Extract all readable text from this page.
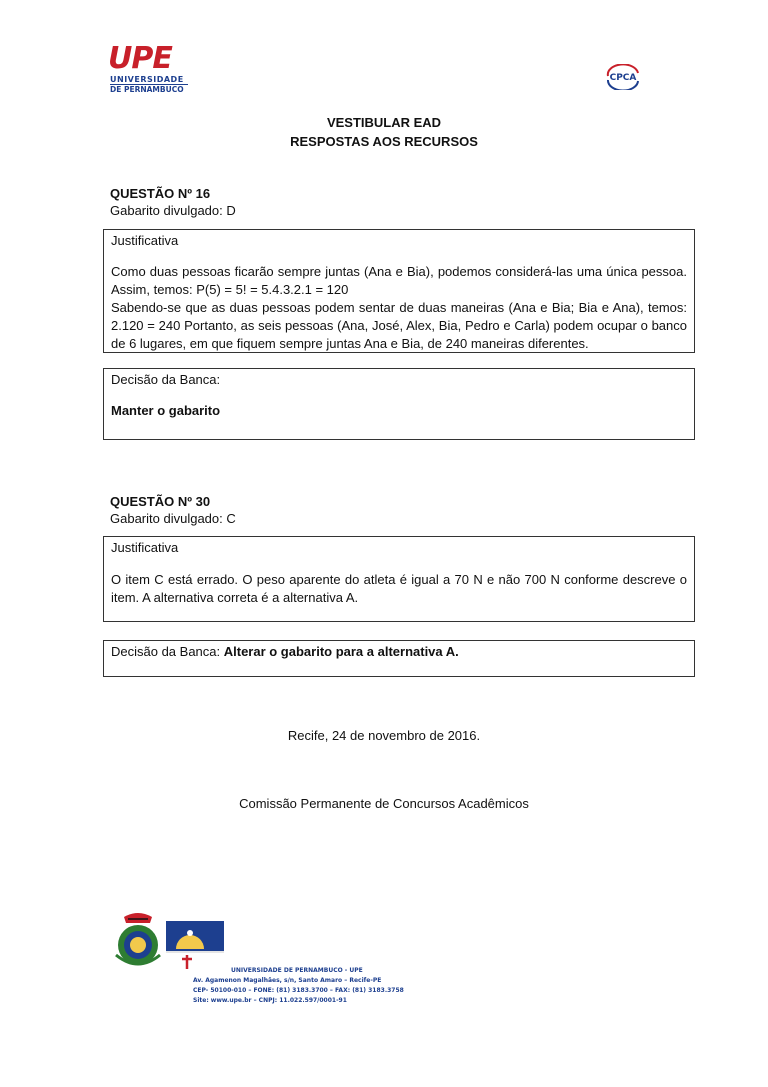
UPE
UNIVERSIDADE
DE PERNAMBUCO
CPCA
VESTIBULAR EAD
RESPOSTAS AOS RECURSOS
QUESTÃO Nº 16
Gabarito divulgado: D
Justificativa

Como duas pessoas ficarão sempre juntas (Ana e Bia), podemos considerá-las uma única pessoa. Assim, temos: P(5) = 5! = 5.4.3.2.1 = 120

Sabendo-se que as duas pessoas podem sentar de duas maneiras (Ana e Bia; Bia e Ana), temos: 2.120 = 240 Portanto, as seis pessoas (Ana, José, Alex, Bia, Pedro e Carla) podem ocupar o banco de 6 lugares, em que fiquem sempre juntas Ana e Bia, de 240 maneiras diferentes.

Decisão da Banca:
Manter o gabarito
QUESTÃO Nº 30
Gabarito divulgado: C
Justificativa

O item C está errado. O peso aparente do atleta é igual a 70 N e não 700 N conforme descreve o item. A alternativa correta é a alternativa A.

Decisão da Banca: Alterar o gabarito para a alternativa A.
Recife, 24 de novembro de 2016.
Comissão Permanente de Concursos Acadêmicos
UNIVERSIDADE DE PERNAMBUCO - UPE
Av. Agamenon Magalhães, s/n, Santo Amaro – Recife-PE
CEP- 50100-010 – FONE: (81) 3183.3700 – FAX: (81) 3183.3758
Site: www.upe.br – CNPJ: 11.022.597/0001-91
